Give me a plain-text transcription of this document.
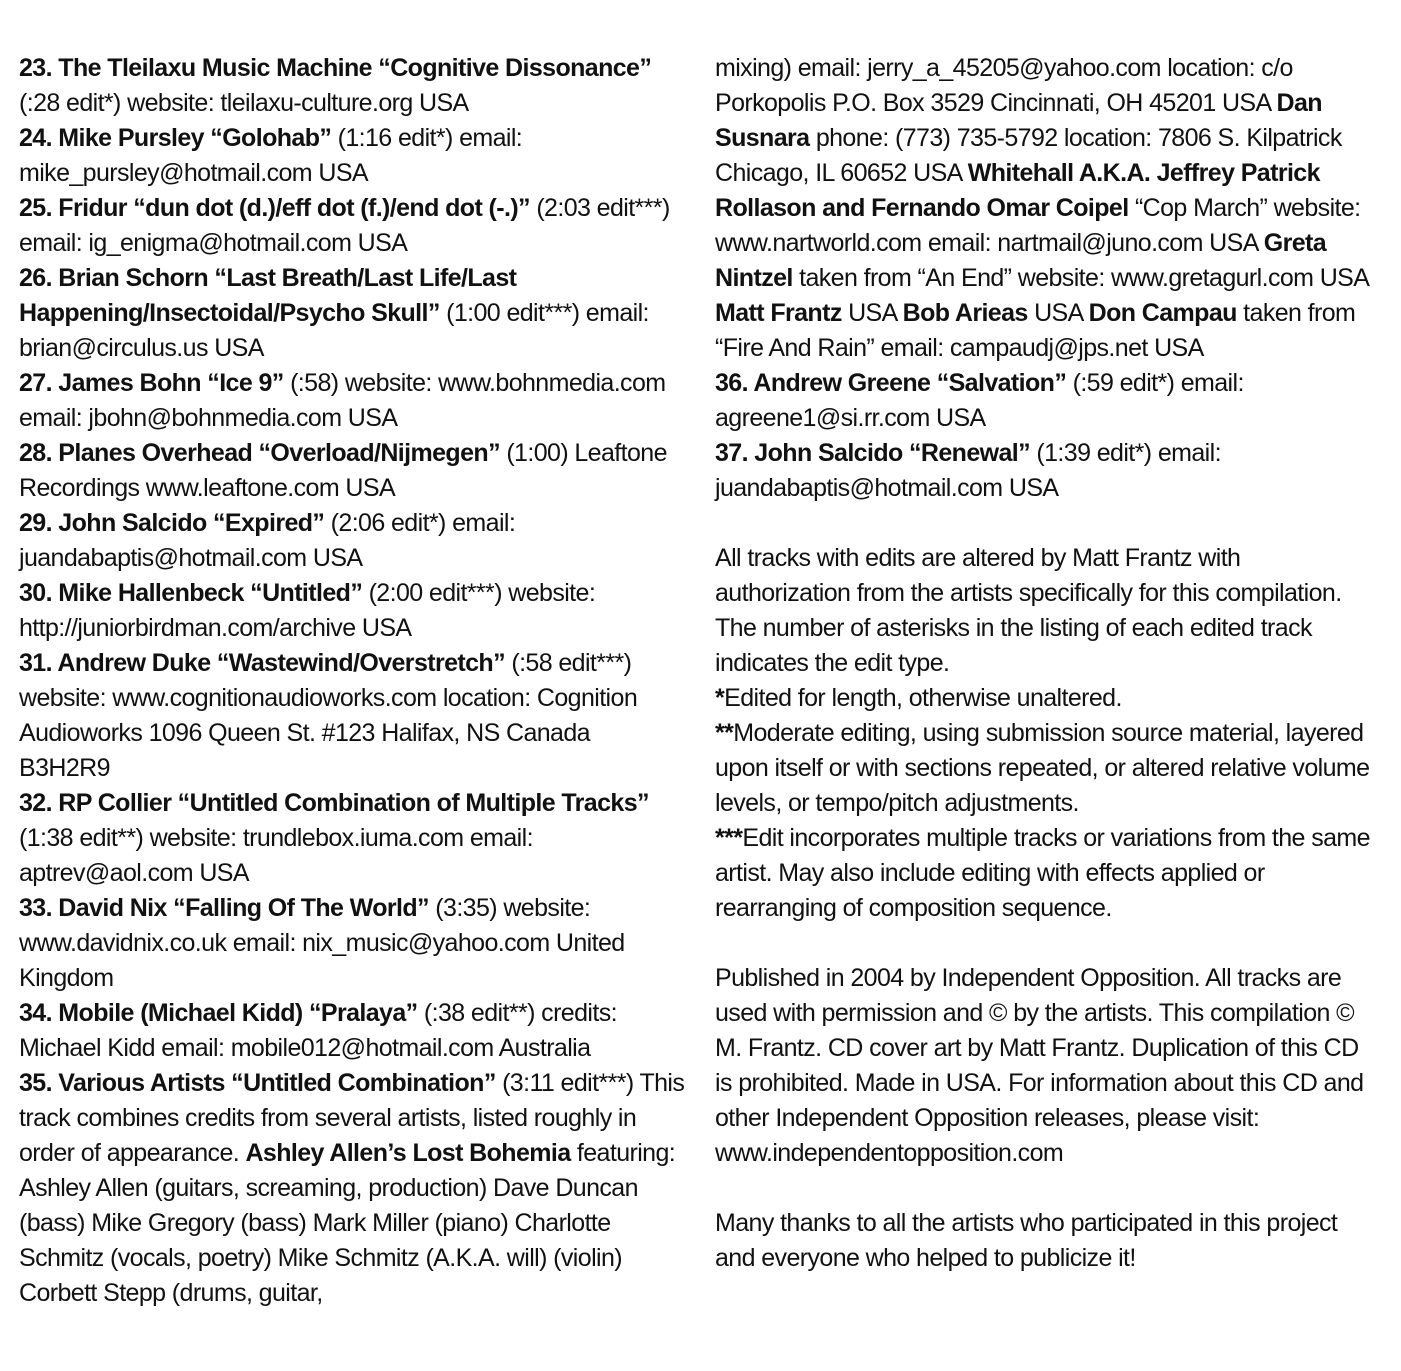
23. The Tleilaxu Music Machine “Cognitive Dissonance” (:28 edit*) website: tleilaxu-culture.org USA

24. Mike Pursley “Golohab” (1:16 edit*) email: mike_pursley@hotmail.com USA

25. Fridur “dun dot (d.)/eff dot (f.)/end dot (-.)” (2:03 edit***) email: ig_enigma@hotmail.com USA

26. Brian Schorn “Last Breath/Last Life/Last Happening/Insectoidal/Psycho Skull” (1:00 edit***) email: brian@circulus.us USA

27. James Bohn “Ice 9” (:58) website: www.bohnmedia.com email: jbohn@bohnmedia.com USA

28. Planes Overhead “Overload/Nijmegen” (1:00) Leaftone Recordings www.leaftone.com USA

29. John Salcido “Expired” (2:06 edit*) email: juandabaptis@hotmail.com USA

30. Mike Hallenbeck “Untitled” (2:00 edit***) website: http://juniorbirdman.com/archive USA

31. Andrew Duke “Wastewind/Overstretch” (:58 edit***) website: www.cognitionaudioworks.com location: Cognition Audioworks 1096 Queen St. #123 Halifax, NS Canada B3H2R9

32. RP Collier “Untitled Combination of Multiple Tracks” (1:38 edit**) website: trundlebox.iuma.com email: aptrev@aol.com USA

33. David Nix “Falling Of The World” (3:35) website: www.davidnix.co.uk email: nix_music@yahoo.com United Kingdom

34. Mobile (Michael Kidd) “Pralaya” (:38 edit**) credits: Michael Kidd email: mobile012@hotmail.com Australia

35. Various Artists “Untitled Combination” (3:11 edit***) This track combines credits from several artists, listed roughly in order of appearance. Ashley Allen’s Lost Bohemia featuring: Ashley Allen (guitars, screaming, production) Dave Duncan (bass) Mike Gregory (bass) Mark Miller (piano) Charlotte Schmitz (vocals, poetry) Mike Schmitz (A.K.A. will) (violin) Corbett Stepp (drums, guitar,

mixing) email: jerry_a_45205@yahoo.com location: c/o Porkopolis P.O. Box 3529 Cincinnati, OH 45201 USA Dan Susnara phone: (773) 735-5792 location: 7806 S. Kilpatrick Chicago, IL 60652 USA Whitehall A.K.A. Jeffrey Patrick Rollason and Fernando Omar Coipel “Cop March” website: www.nartworld.com email: nartmail@juno.com USA Greta Nintzel taken from “An End” website: www.gretagurl.com USA Matt Frantz USA Bob Arieas USA Don Campau taken from “Fire And Rain” email: campaudj@jps.net USA

36. Andrew Greene “Salvation” (:59 edit*) email: agreene1@si.rr.com USA

37. John Salcido “Renewal” (1:39 edit*) email: juandabaptis@hotmail.com USA

All tracks with edits are altered by Matt Frantz with authorization from the artists specifically for this compilation. The number of asterisks in the listing of each edited track indicates the edit type.

*Edited for length, otherwise unaltered.

**Moderate editing, using submission source material, layered upon itself or with sections repeated, or altered relative volume levels, or tempo/pitch adjustments.

***Edit incorporates multiple tracks or variations from the same artist. May also include editing with effects applied or rearranging of composition sequence.

Published in 2004 by Independent Opposition. All tracks are used with permission and © by the artists. This compilation © M. Frantz. CD cover art by Matt Frantz. Duplication of this CD is prohibited. Made in USA. For information about this CD and other Independent Opposition releases, please visit: www.independentopposition.com

Many thanks to all the artists who participated in this project and everyone who helped to publicize it!
